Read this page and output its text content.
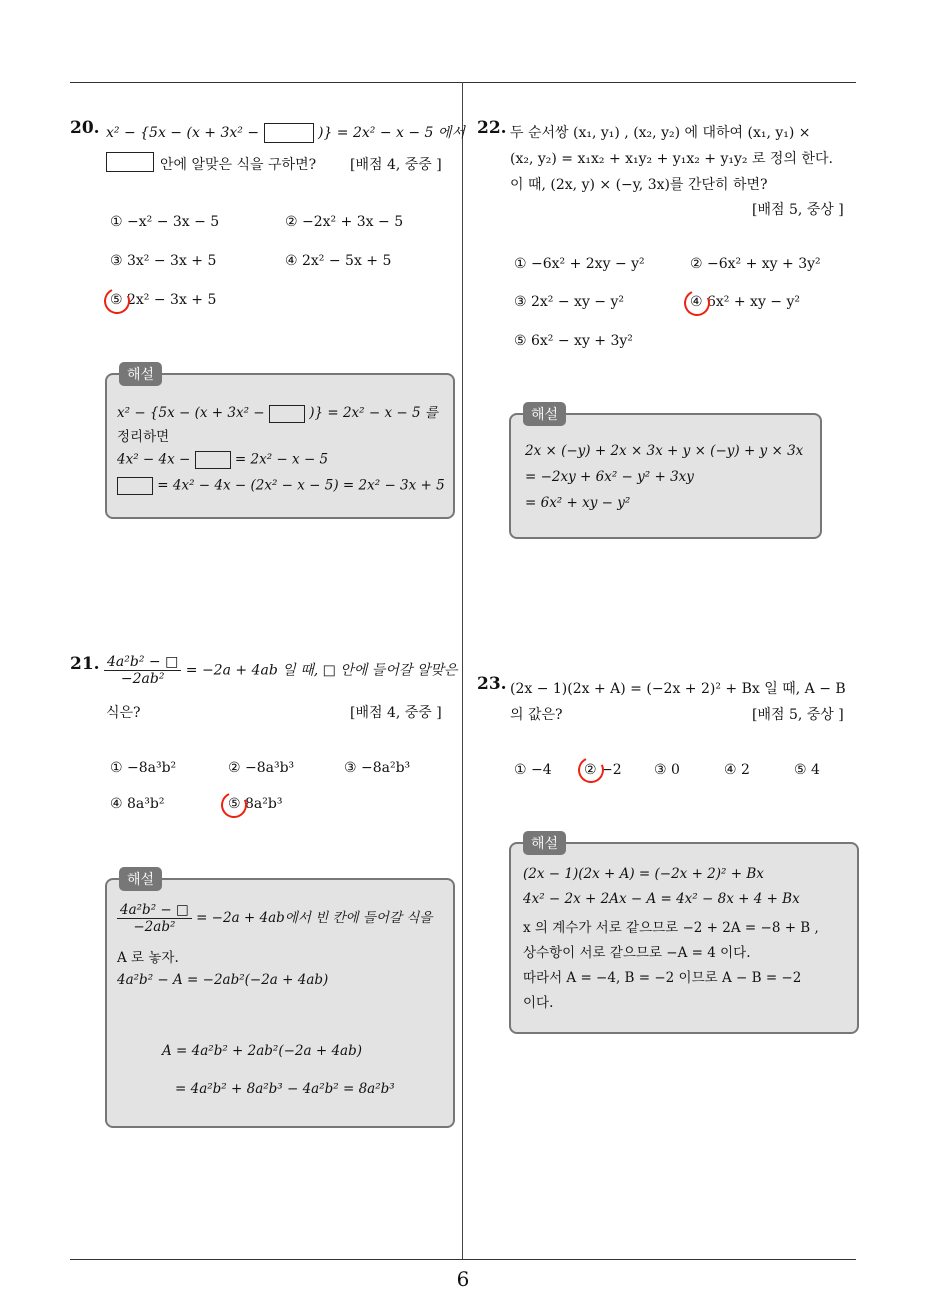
6
20. x² − {5x − (x + 3x² −	)} = 2x² − x − 5 에서
안에 알맞은 식을 구하면? [배점 4, 중중 ]
① −x² − 3x − 5	② −2x² + 3x − 5
③ 3x² − 3x + 5	④ 2x² − 5x + 5
⑤ 2x² − 3x + 5
해설
x² − {5x − (x + 3x² −	)} = 2x² − x − 5 를
정리하면
4x² − 4x −	= 2x² − x − 5
= 4x² − 4x − (2x² − x − 5) = 2x² − 3x + 5
21. $\frac{\text{4a²b² − □}}{\text{−2ab²}} = -2a + 4ab$ 일 때, □ 안에 들어갈 알맞은
식은?	[배점 4, 중중 ]
① −8a³b²	② −8a³b³	③ −8a²b³
④ 8a³b²	⑤ 8a²b³
해설
$\frac{\text{4a²b² − □}}{\text{−2ab²}} = -2a + 4ab$에서 빈 칸에 들어갈 식을
A 로 놓자.
4a²b² − A = −2ab²(−2a + 4ab)
A = 4a²b² + 2ab²(−2a + 4ab)
= 4a²b² + 8a²b³ − 4a²b² = 8a²b³
22. 두 순서쌍 (x₁, y₁) , (x₂, y₂) 에 대하여 (x₁, y₁) ×
(x₂, y₂) = x₁x₂ + x₁y₂ + y₁x₂ + y₁y₂ 로 정의 한다.
이 때, (2x, y) × (−y, 3x)를 간단히 하면?
[배점 5, 중상 ]
① −6x² + 2xy − y²	② −6x² + xy + 3y²
③ 2x² − xy − y²	④ 6x² + xy − y²
⑤ 6x² − xy + 3y²
해설
2x × (−y) + 2x × 3x + y × (−y) + y × 3x
= −2xy + 6x² − y² + 3xy
= 6x² + xy − y²
23. (2x − 1)(2x + A) = (−2x + 2)² + Bx 일 때, A − B
의 값은?	[배점 5, 중상 ]
① −4 ② −2 ③ 0	④ 2	⑤ 4
해설
(2x − 1)(2x + A) = (−2x + 2)² + Bx
4x² − 2x + 2Ax − A = 4x² − 8x + 4 + Bx
x 의 계수가 서로 같으므로 −2 + 2A = −8 + B ,
상수항이 서로 같으므로 −A = 4 이다.
따라서 A = −4, B = −2 이므로 A − B = −2
이다.
